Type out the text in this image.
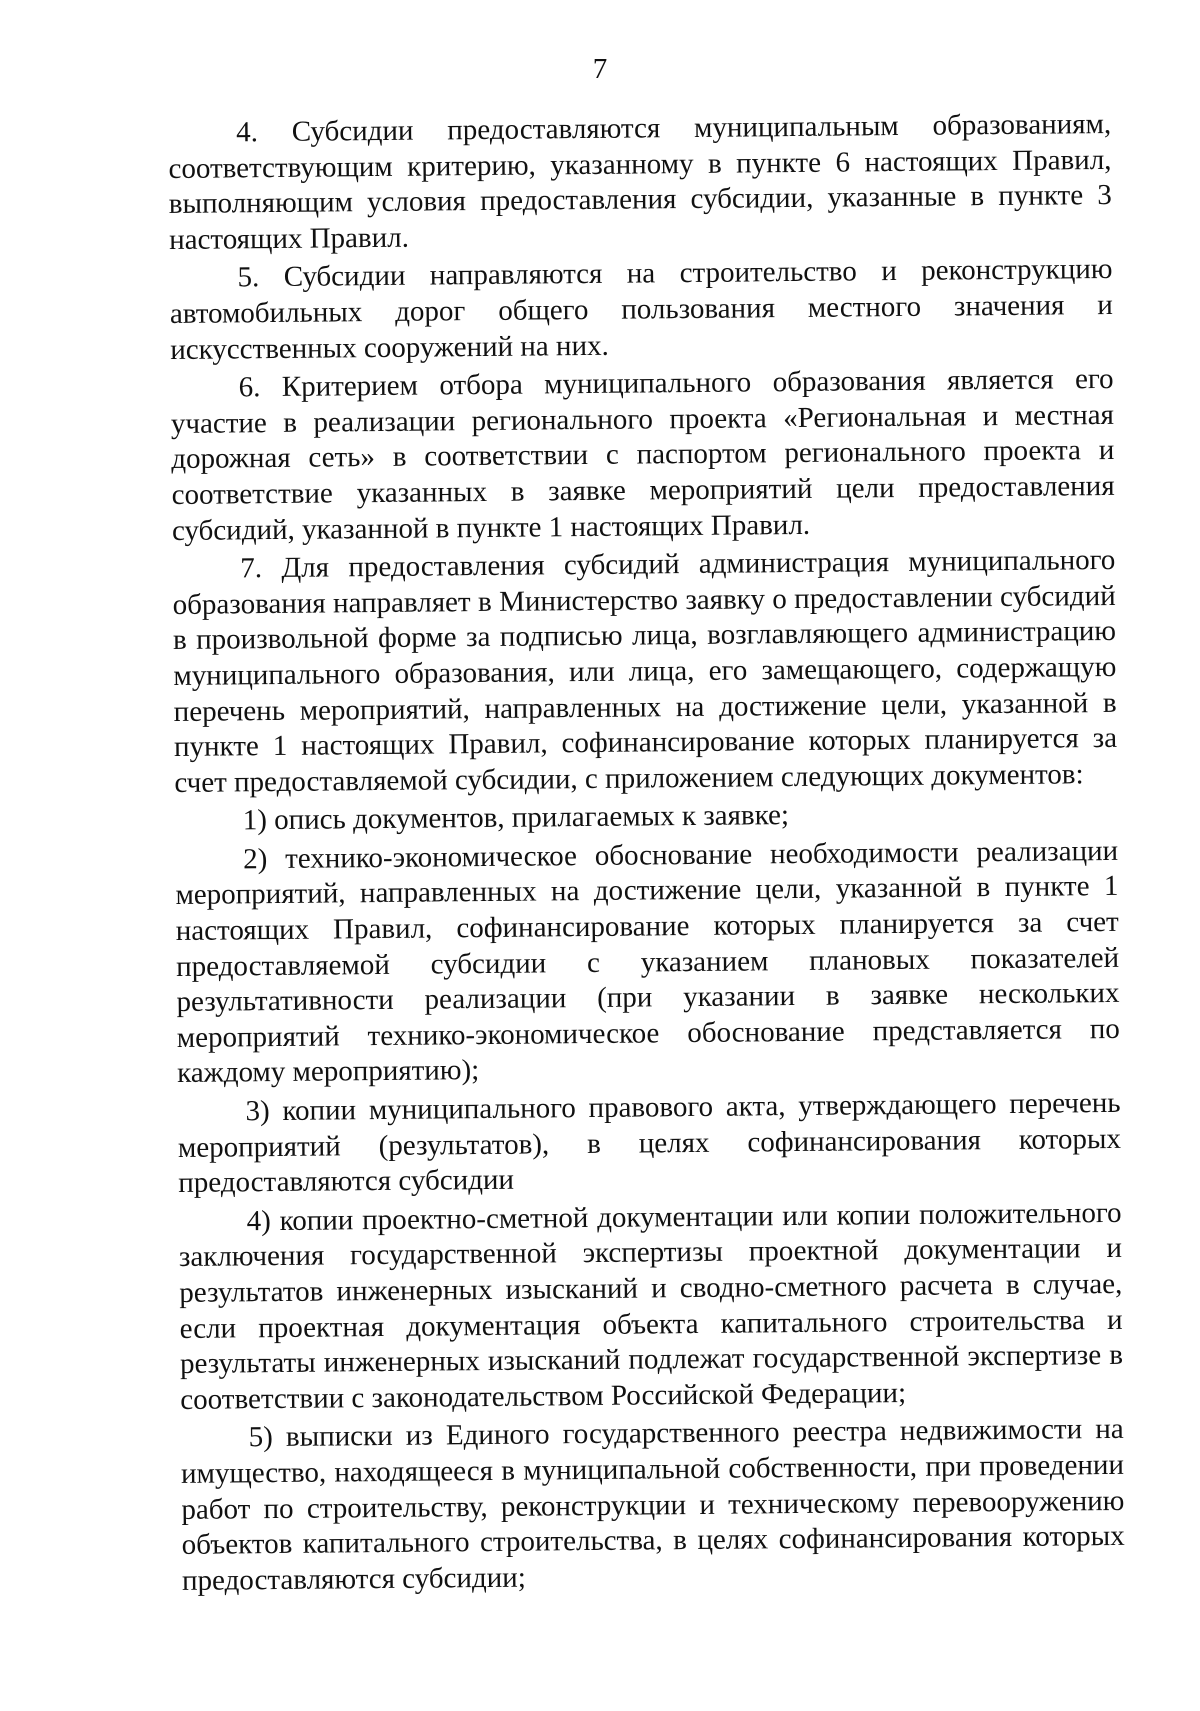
7

4. Субсидии предоставляются муниципальным образованиям, соответствующим критерию, указанному в пункте 6 настоящих Правил, выполняющим условия предоставления субсидии, указанные в пункте 3 настоящих Правил.

5. Субсидии направляются на строительство и реконструкцию автомобильных дорог общего пользования местного значения и искусственных сооружений на них.

6. Критерием отбора муниципального образования является его участие в реализации регионального проекта «Региональная и местная дорожная сеть» в соответствии с паспортом регионального проекта и соответствие указанных в заявке мероприятий цели предоставления субсидий, указанной в пункте 1 настоящих Правил.

7. Для предоставления субсидий администрация муниципального образования направляет в Министерство заявку о предоставлении субсидий в произвольной форме за подписью лица, возглавляющего администрацию муниципального образования, или лица, его замещающего, содержащую перечень мероприятий, направленных на достижение цели, указанной в пункте 1 настоящих Правил, софинансирование которых планируется за счет предоставляемой субсидии, с приложением следующих документов:

1) опись документов, прилагаемых к заявке;

2) технико-экономическое обоснование необходимости реализации мероприятий, направленных на достижение цели, указанной в пункте 1 настоящих Правил, софинансирование которых планируется за счет предоставляемой субсидии с указанием плановых показателей результативности реализации (при указании в заявке нескольких мероприятий технико-экономическое обоснование представляется по каждому мероприятию);

3) копии муниципального правового акта, утверждающего перечень мероприятий (результатов), в целях софинансирования которых предоставляются субсидии

4) копии проектно-сметной документации или копии положительного заключения государственной экспертизы проектной документации и результатов инженерных изысканий и сводно-сметного расчета в случае, если проектная документация объекта капитального строительства и результаты инженерных изысканий подлежат государственной экспертизе в соответствии с законодательством Российской Федерации;

5) выписки из Единого государственного реестра недвижимости на имущество, находящееся в муниципальной собственности, при проведении работ по строительству, реконструкции и техническому перевооружению объектов капитального строительства, в целях софинансирования которых предоставляются субсидии;
